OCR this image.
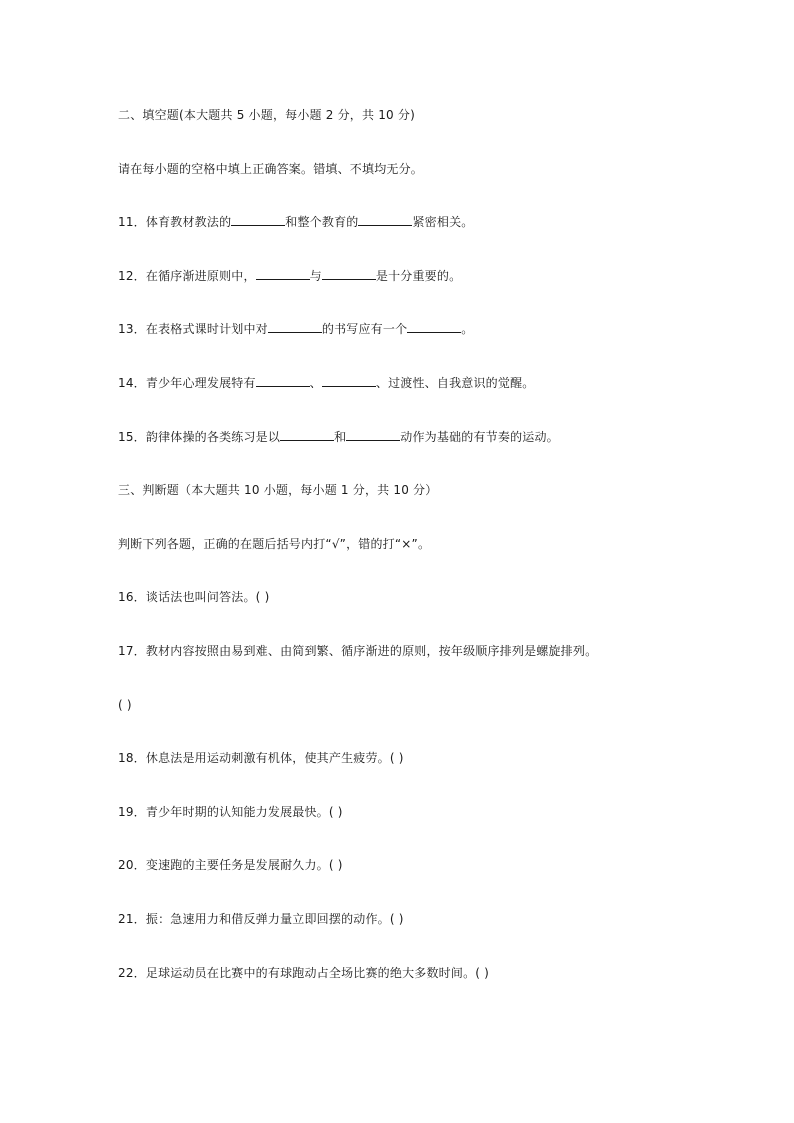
二、填空题(本大题共 5 小题，每小题 2 分，共 10 分)
请在每小题的空格中填上正确答案。错填、不填均无分。
11．体育教材教法的	和整个教育的	紧密相关。
12．在循序渐进原则中，	与	是十分重要的。
13．在表格式课时计划中对	的书写应有一个	。
14．青少年心理发展特有	、	、过渡性、自我意识的觉醒。
15．韵律体操的各类练习是以	和	动作为基础的有节奏的运动。
三、判断题（本大题共 10 小题，每小题 1 分，共 10 分）
判断下列各题，正确的在题后括号内打“√”，错的打“×”。
16．谈话法也叫问答法。( )
17．教材内容按照由易到难、由简到繁、循序渐进的原则，按年级顺序排列是螺旋排列。
( )
18．休息法是用运动刺激有机体，使其产生疲劳。( )
19．青少年时期的认知能力发展最快。( )
20．变速跑的主要任务是发展耐久力。( )
21．振：急速用力和借反弹力量立即回摆的动作。( )
22．足球运动员在比赛中的有球跑动占全场比赛的绝大多数时间。( )
